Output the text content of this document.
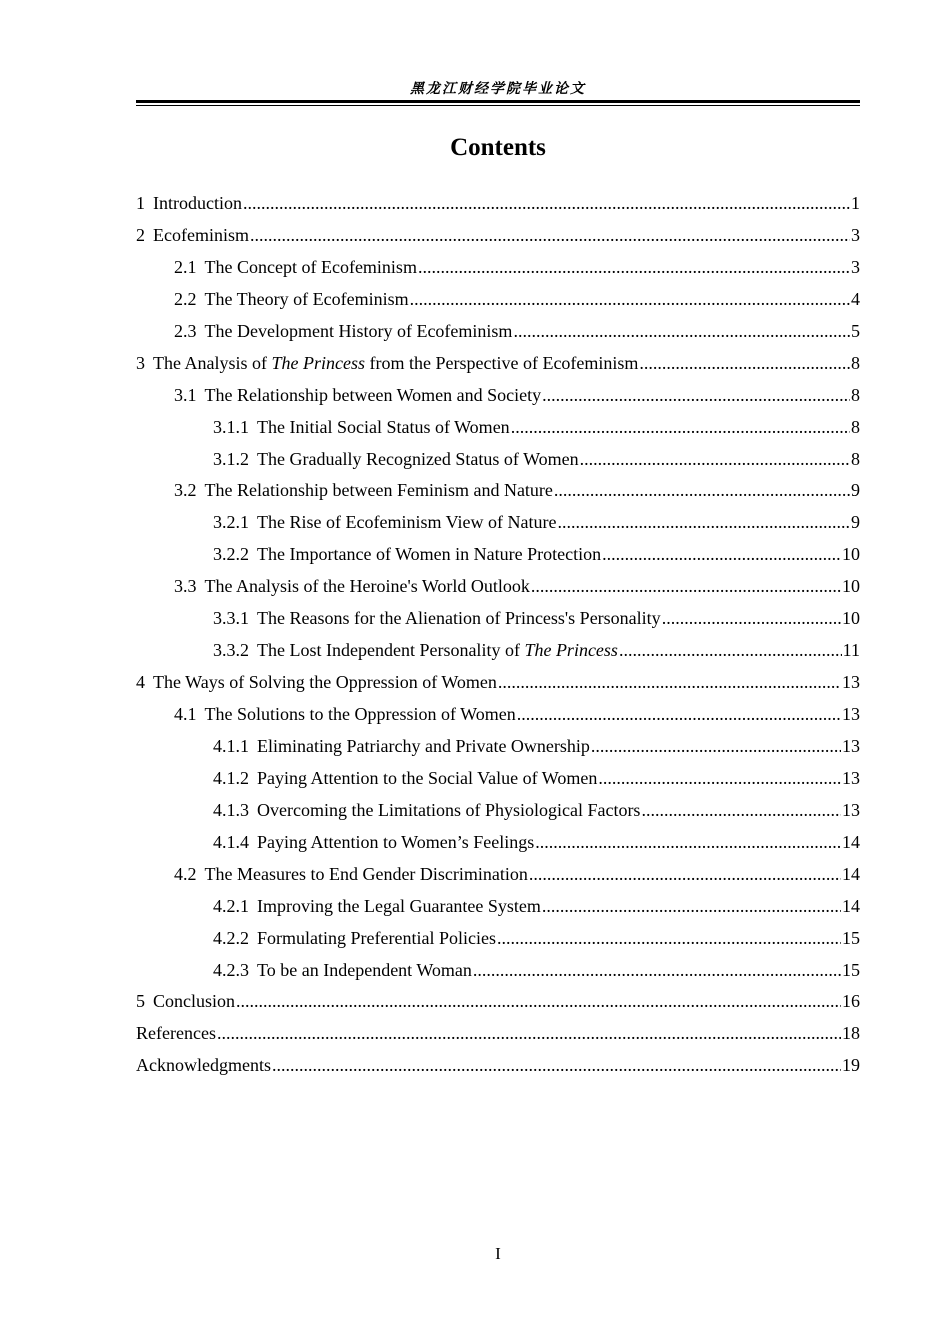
黑龙江财经学院毕业论文
Contents
1 Introduction .....	1
2 Ecofeminism .....	3
2.1 The Concept of Ecofeminism .....	3
2.2 The Theory of Ecofeminism .....	4
2.3 The Development History of Ecofeminism .....	5
3 The Analysis of The Princess from the Perspective of Ecofeminism .....	8
3.1 The Relationship between Women and Society .....	8
3.1.1 The Initial Social Status of Women .....	8
3.1.2 The Gradually Recognized Status of Women .....	8
3.2 The Relationship between Feminism and Nature .....	9
3.2.1 The Rise of Ecofeminism View of Nature .....	9
3.2.2 The Importance of Women in Nature Protection .....	10
3.3 The Analysis of the Heroine's World Outlook .....	10
3.3.1 The Reasons for the Alienation of Princess's Personality .....	10
3.3.2 The Lost Independent Personality of The Princess .....	11
4 The Ways of Solving the Oppression of Women .....	13
4.1 The Solutions to the Oppression of Women .....	13
4.1.1 Eliminating Patriarchy and Private Ownership .....	13
4.1.2 Paying Attention to the Social Value of Women .....	13
4.1.3 Overcoming the Limitations of Physiological Factors .....	13
4.1.4 Paying Attention to Women’s Feelings .....	14
4.2 The Measures to End Gender Discrimination .....	14
4.2.1 Improving the Legal Guarantee System .....	14
4.2.2 Formulating Preferential Policies .....	15
4.2.3 To be an Independent Woman .....	15
5 Conclusion .....	16
References .....	18
Acknowledgments .....	19
I
